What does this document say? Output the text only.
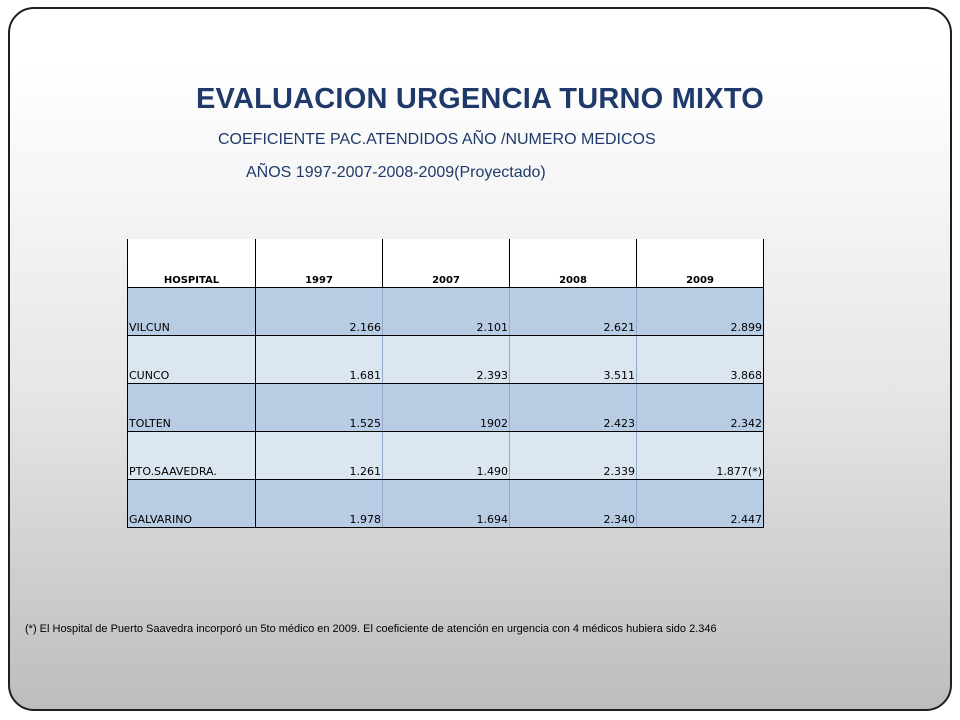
EVALUACION URGENCIA TURNO MIXTO

COEFICIENTE PAC.ATENDIDOS AÑO /NUMERO MEDICOS

AÑOS 1997-2007-2008-2009(Proyectado)

HOSPITAL	1997	2007	2008	2009
VILCUN	2.166	2.101	2.621	2.899
CUNCO	1.681	2.393	3.511	3.868
TOLTEN	1.525	1902	2.423	2.342
PTO.SAAVEDRA.	1.261	1.490	2.339	1.877(*)
GALVARINO	1.978	1.694	2.340	2.447

(*) El Hospital de Puerto Saavedra incorporó un 5to médico en 2009. El coeficiente de atención en urgencia con 4 médicos hubiera sido 2.346
